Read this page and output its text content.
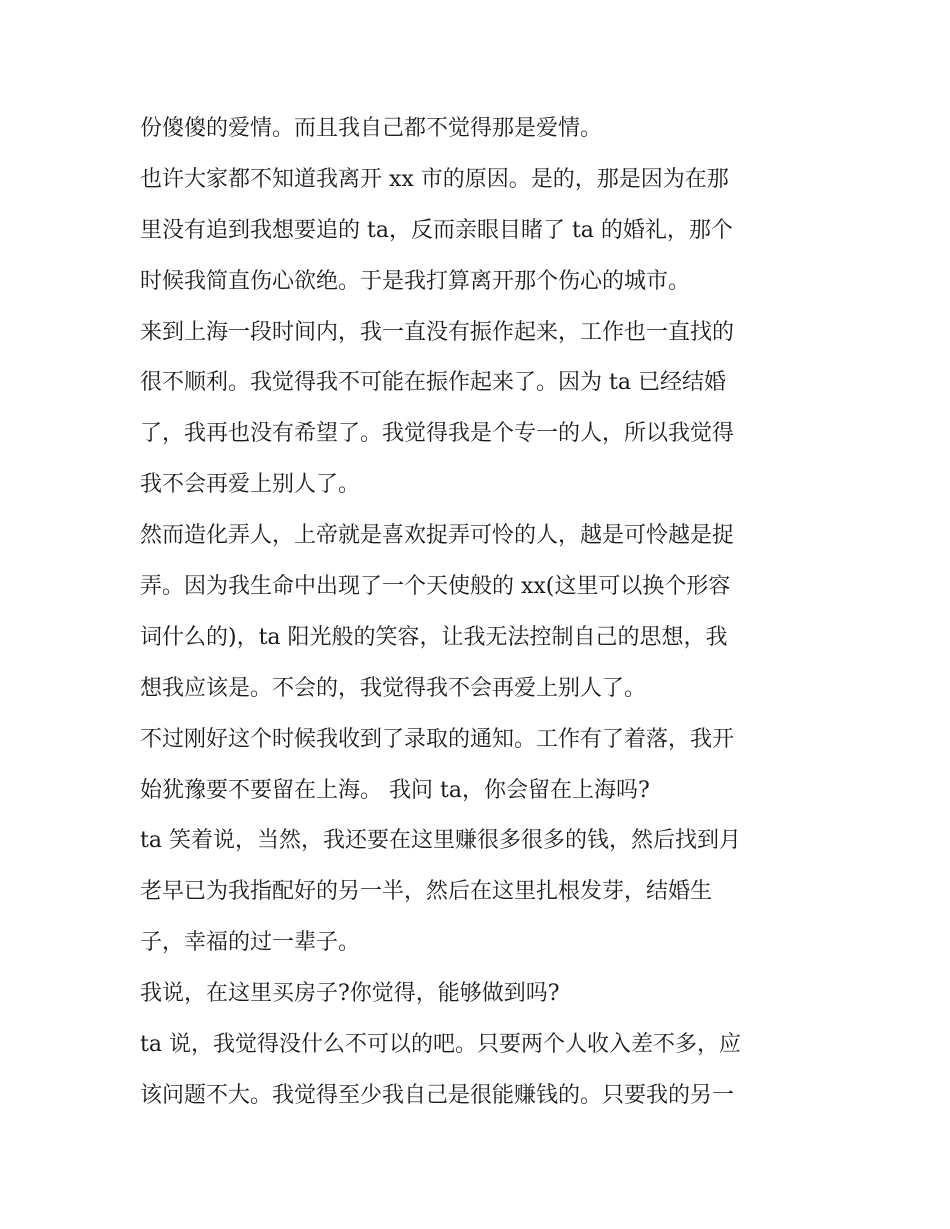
份傻傻的爱情。而且我自己都不觉得那是爱情。
也许大家都不知道我离开 xx 市的原因。是的，那是因为在那
里没有追到我想要追的 ta，反而亲眼目睹了 ta 的婚礼，那个
时候我简直伤心欲绝。于是我打算离开那个伤心的城市。
来到上海一段时间内，我一直没有振作起来，工作也一直找的
很不顺利。我觉得我不可能在振作起来了。因为 ta 已经结婚
了，我再也没有希望了。我觉得我是个专一的人，所以我觉得
我不会再爱上别人了。
然而造化弄人，上帝就是喜欢捉弄可怜的人，越是可怜越是捉
弄。因为我生命中出现了一个天使般的 xx(这里可以换个形容
词什么的)，ta 阳光般的笑容，让我无法控制自己的思想，我
想我应该是。不会的，我觉得我不会再爱上别人了。
不过刚好这个时候我收到了录取的通知。工作有了着落，我开
始犹豫要不要留在上海。 我问 ta，你会留在上海吗?
ta 笑着说，当然，我还要在这里赚很多很多的钱，然后找到月
老早已为我指配好的另一半，然后在这里扎根发芽，结婚生
子，幸福的过一辈子。
我说，在这里买房子?你觉得，能够做到吗?
ta 说，我觉得没什么不可以的吧。只要两个人收入差不多，应
该问题不大。我觉得至少我自己是很能赚钱的。只要我的另一
